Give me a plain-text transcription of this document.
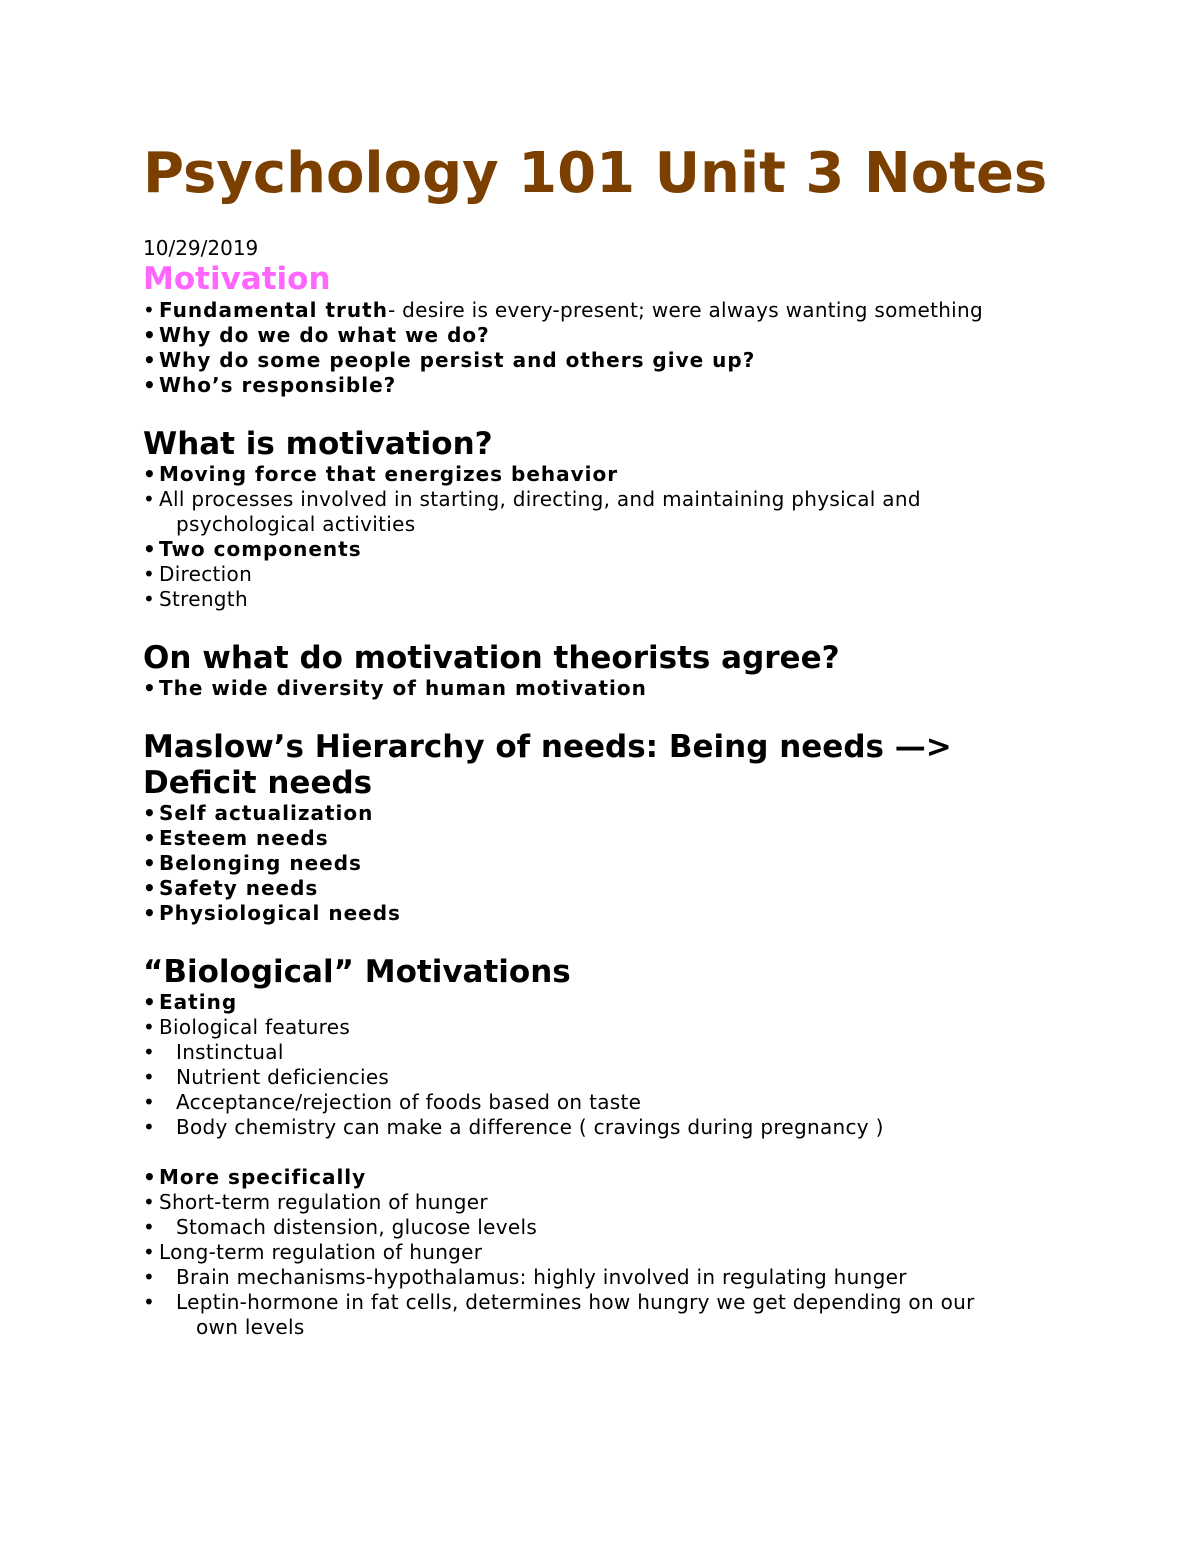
Psychology 101 Unit 3 Notes
10/29/2019
Motivation
• Fundamental truth- desire is every-present; were always wanting something
• Why do we do what we do?
• Why do some people persist and others give up?
• Who’s responsible?
What is motivation?
• Moving force that energizes behavior
• All processes involved in starting, directing, and maintaining physical and
psychological activities
• Two components
• Direction
• Strength
On what do motivation theorists agree?
• The wide diversity of human motivation
Maslow’s Hierarchy of needs: Being needs —>
Deficit needs
• Self actualization
• Esteem needs
• Belonging needs
• Safety needs
• Physiological needs
“Biological” Motivations
• Eating
• Biological features
• Instinctual
• Nutrient deficiencies
• Acceptance/rejection of foods based on taste
• Body chemistry can make a difference ( cravings during pregnancy )
• More specifically
• Short-term regulation of hunger
• Stomach distension, glucose levels
• Long-term regulation of hunger
• Brain mechanisms-hypothalamus: highly involved in regulating hunger
• Leptin-hormone in fat cells, determines how hungry we get depending on our
own levels
